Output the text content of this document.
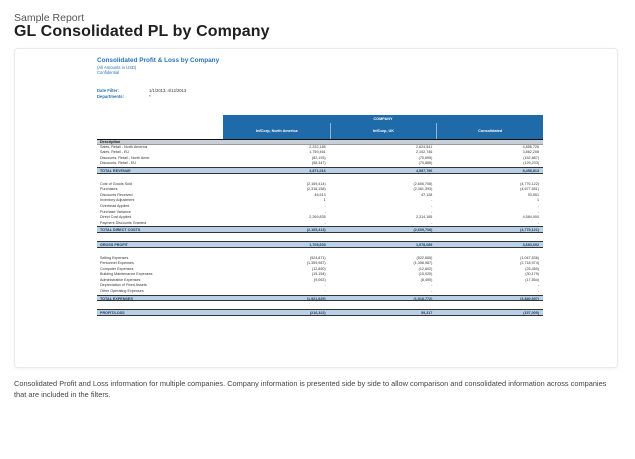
Sample Report
GL Consolidated PL by Company
Consolidated Profit & Loss by Company
(All Amounts in USD)
Confidential
Date Filter:	1/1/2013..4/12/2013
Departments:	*
COMPANY
InfCorp, North America	InfCorp, UK	Consolidated
Description
Sales, Retail - North America	2,232,185	2,624,541	4,856,726
Sales, Retail - EU	1,759,461	2,102,746	3,862,208
Discounts, Retail - North Amer	(82,193)	(70,695)	(152,887)
Discounts, Retail - EU	(58,347)	(70,886)	(129,233)
TOTAL REVENUE	3,871,016	4,587,796	8,458,813
Cost of Goods Sold	(2,169,414)	(2,606,708)	(4,776,122)
Purchases	(2,316,158)	(2,361,393)	(4,677,551)
Discounts Received	46,513	47,128	93,551
Inventory Adjustment	1	-	1
Overhead Applied	-	-	-
Purchase Variance	-	-	-
Direct Cost Applied	2,269,835	2,314,165	4,584,000
Payment Discounts Granted	-	-	-
TOTAL DIRECT COSTS	(2,165,413)	(2,609,708)	(4,775,121)
GROSS PROFIT	1,705,603	1,978,089	3,683,692
Selling Expenses	(524,871)	(522,665)	(1,047,536)
Personnel Expenses	(1,359,987)	(1,358,987)	(2,718,974)
Computer Expenses	(12,850)	(12,602)	(25,450)
Building Maintenance Expenses	(15,154)	(15,025)	(30,179)
Administrative Expenses	(9,063)	(8,490)	(17,554)
Depreciation of Fixed Assets	-	-	-
Other Operating Expenses	-	-	-
TOTAL EXPENSES	(1,921,925)	(1,918,772)	(3,840,697)
PROFIT/LOSS	(216,322)	59,317	(157,005)
Consolidated Profit and Loss information for multiple companies. Company information is presented side by side to allow comparison and consolidated information across companies that are included in the filters.
